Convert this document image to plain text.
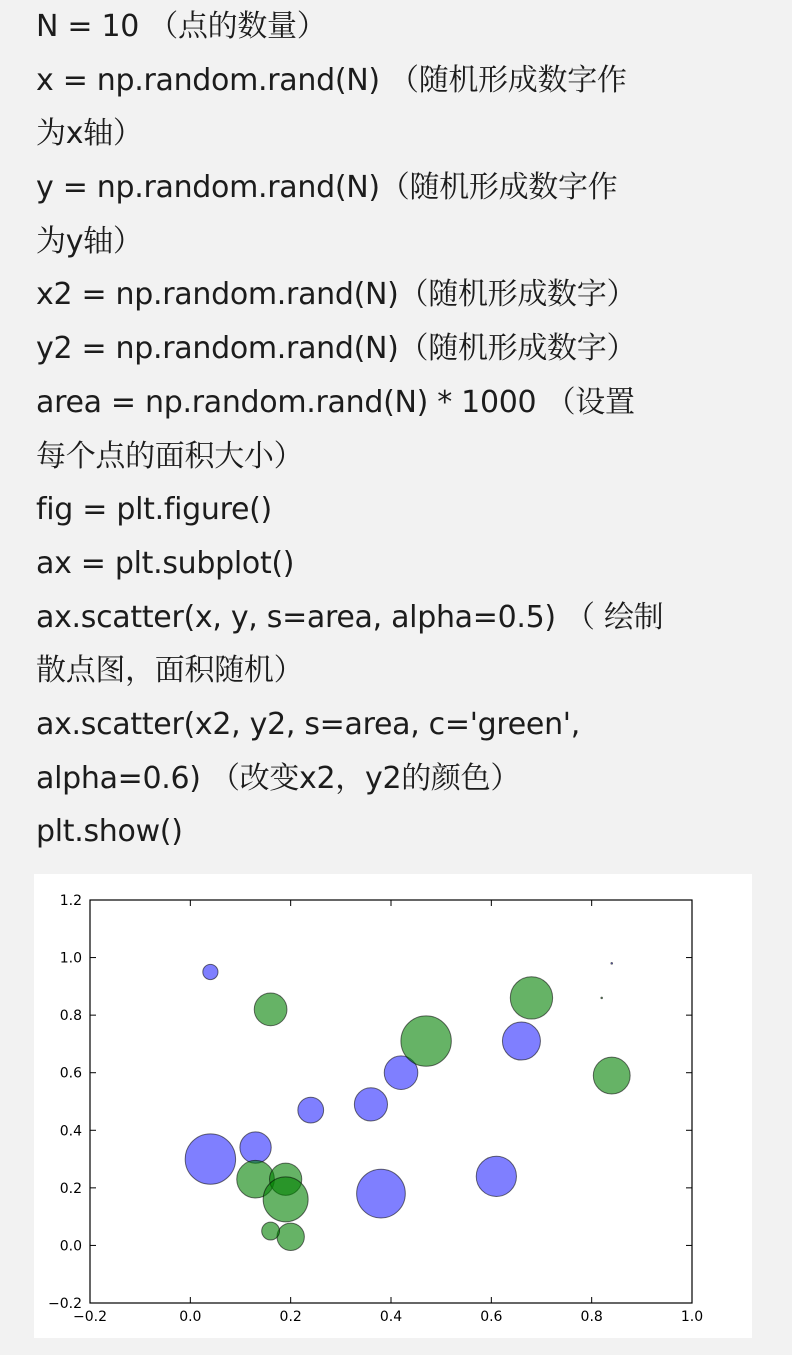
N = 10 （点的数量）
x = np.random.rand(N) （随机形成数字作
为x轴）
y = np.random.rand(N)（随机形成数字作
为y轴）
x2 = np.random.rand(N)（随机形成数字）
y2 = np.random.rand(N)（随机形成数字）
area = np.random.rand(N) * 1000 （设置
每个点的面积大小）
fig = plt.figure()
ax = plt.subplot()
ax.scatter(x, y, s=area, alpha=0.5) （ 绘制
散点图，面积随机）
ax.scatter(x2, y2, s=area, c='green',
alpha=0.6) （改变x2，y2的颜色）
plt.show()
−0.2	0.0	0.2	0.4	0.6	0.8	1.0
−0.2
0.0
0.2
0.4
0.6
0.8
1.0
1.2
